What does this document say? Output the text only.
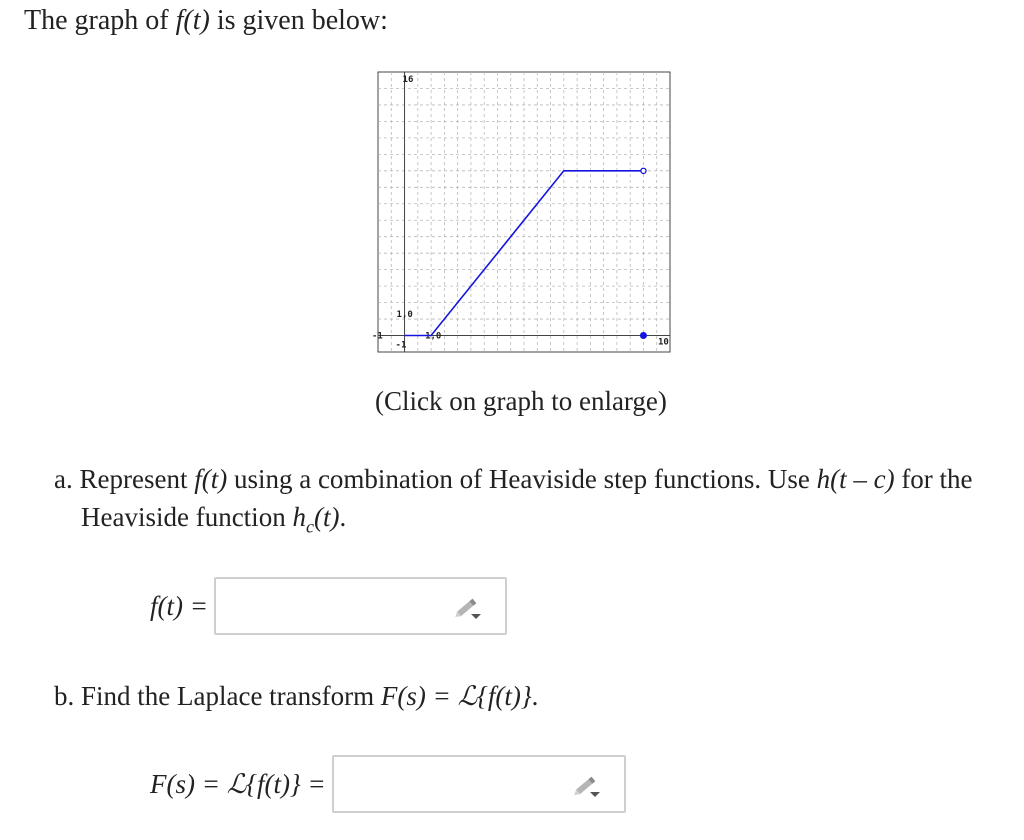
The graph of f(t) is given below:
16
-1
1,0
1,0
-1	10
(Click on graph to enlarge)

a. Represent f(t) using a combination of Heaviside step functions. Use h(t – c) for the
Heaviside function $h_c(t)$.

f(t) =

b. Find the Laplace transform F(s) = ℒ{f(t)}.

F(s) = ℒ{f(t)} =
